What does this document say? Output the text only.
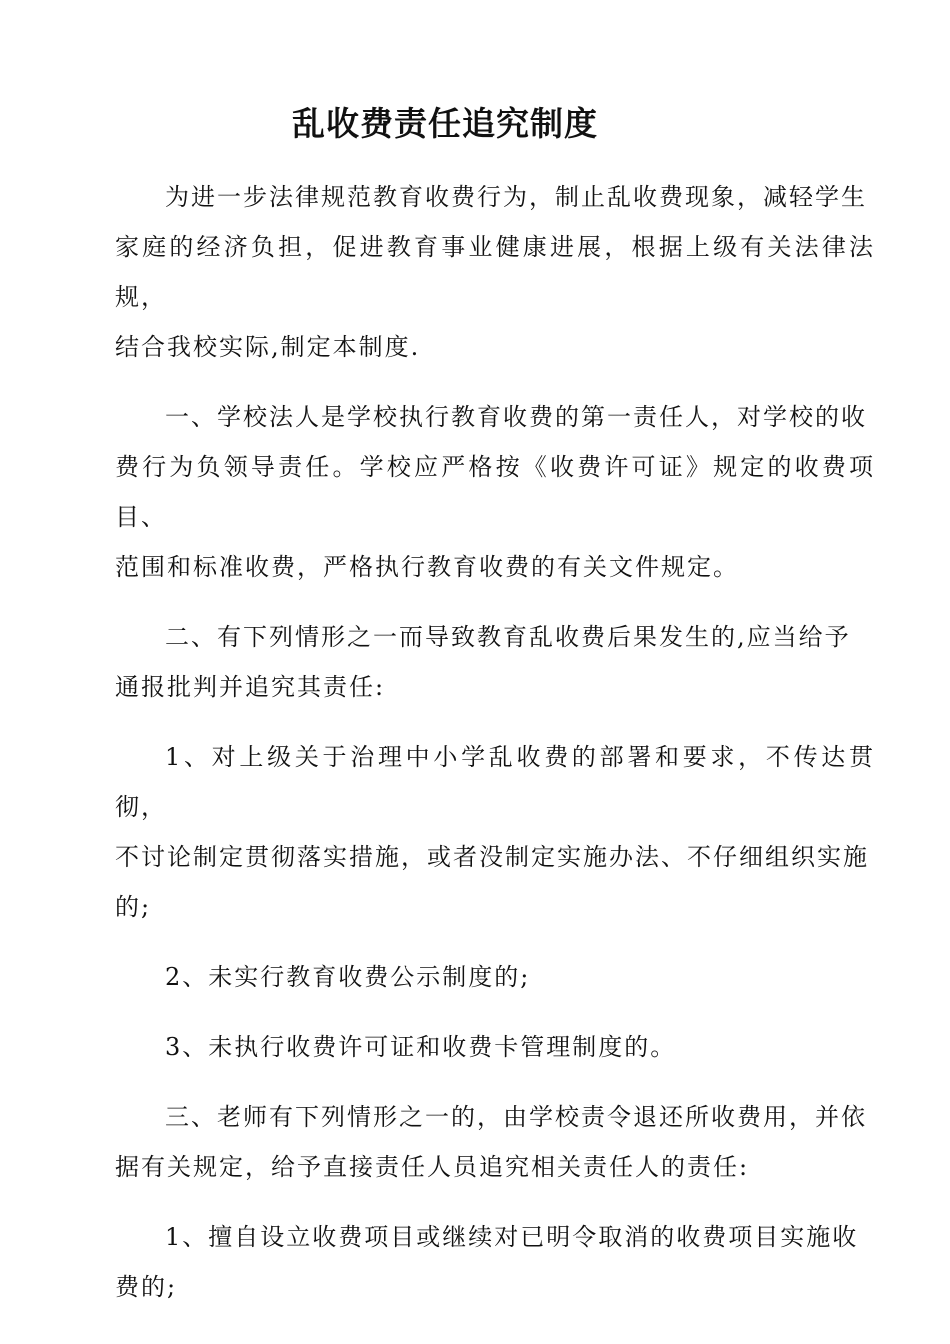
乱收费责任追究制度

为进一步法律规范教育收费行为，制止乱收费现象，减轻学生
家庭的经济负担，促进教育事业健康进展，根据上级有关法律法规，
结合我校实际,制定本制度.

一、学校法人是学校执行教育收费的第一责任人，对学校的收
费行为负领导责任。学校应严格按《收费许可证》规定的收费项目、
范围和标准收费，严格执行教育收费的有关文件规定。

二、有下列情形之一而导致教育乱收费后果发生的,应当给予
通报批判并追究其责任:

1、对上级关于治理中小学乱收费的部署和要求，不传达贯彻，
不讨论制定贯彻落实措施，或者没制定实施办法、不仔细组织实施
的;

2、未实行教育收费公示制度的;

3、未执行收费许可证和收费卡管理制度的。

三、老师有下列情形之一的，由学校责令退还所收费用，并依
据有关规定，给予直接责任人员追究相关责任人的责任:

1、擅自设立收费项目或继续对已明令取消的收费项目实施收
费的;
